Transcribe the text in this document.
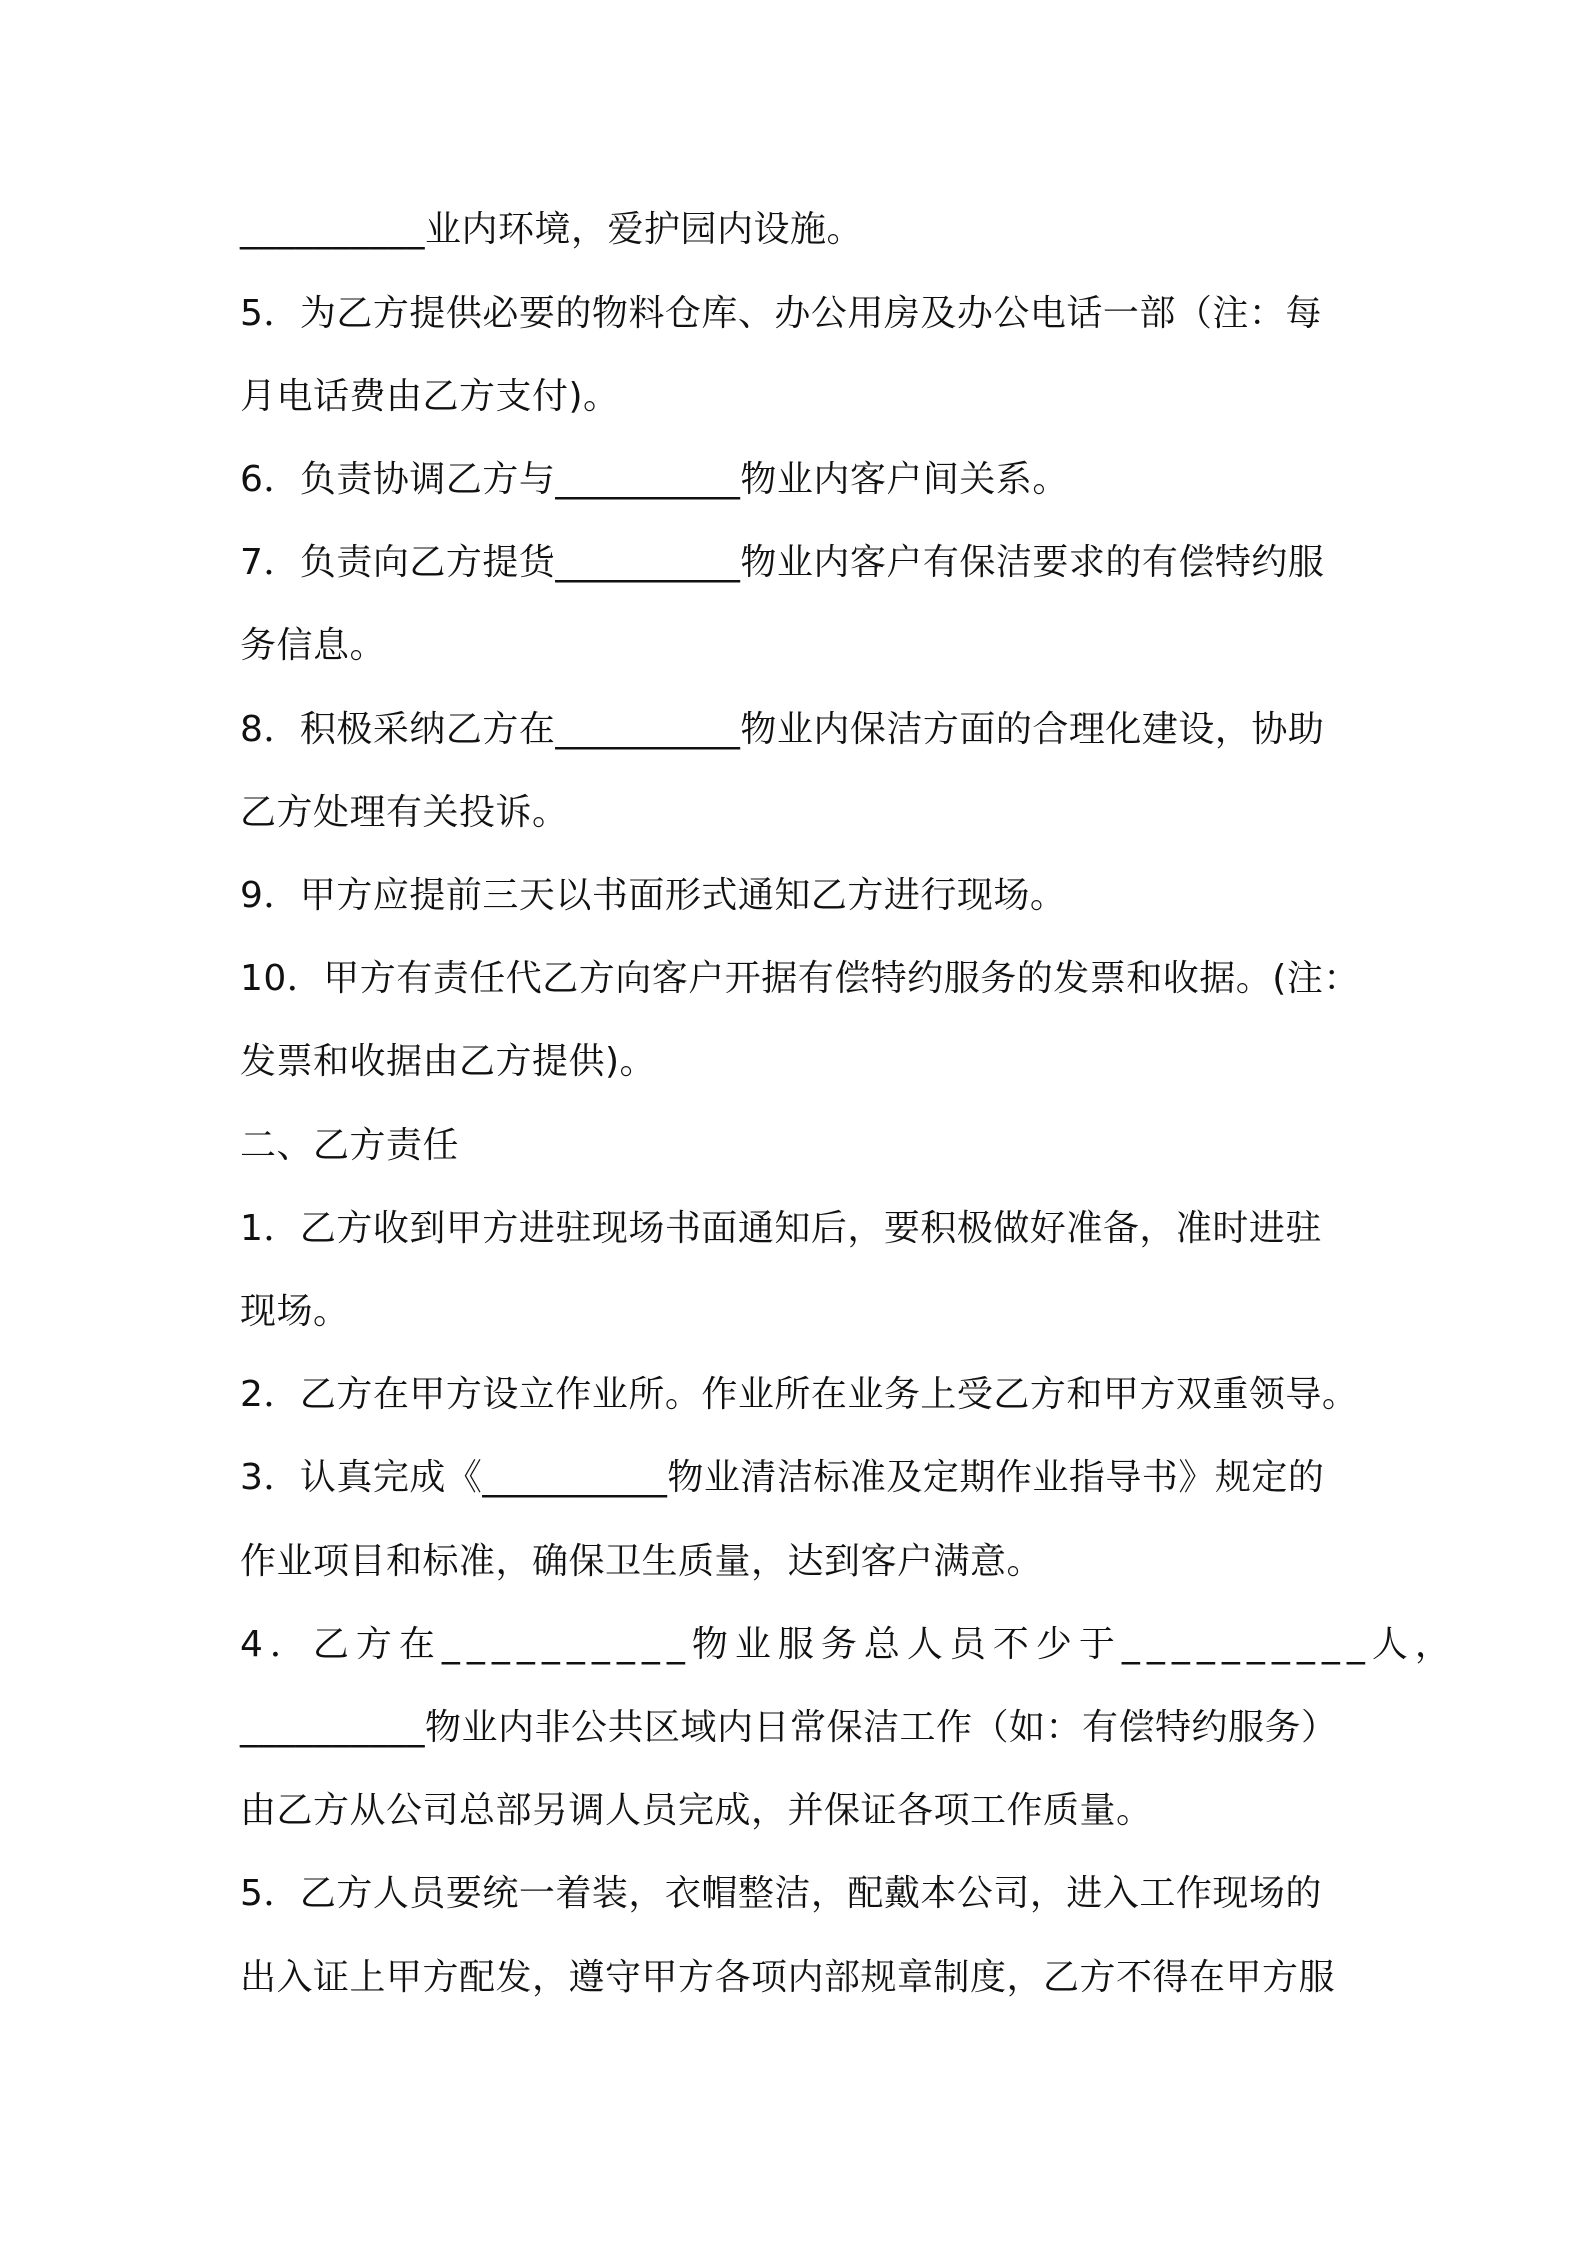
__________业内环境，爱护园内设施。
5．为乙方提供必要的物料仓库、办公用房及办公电话一部（注：每
月电话费由乙方支付)。
6．负责协调乙方与__________物业内客户间关系。
7．负责向乙方提货__________物业内客户有保洁要求的有偿特约服
务信息。
8．积极采纳乙方在__________物业内保洁方面的合理化建设，协助
乙方处理有关投诉。
9．甲方应提前三天以书面形式通知乙方进行现场。
10．甲方有责任代乙方向客户开据有偿特约服务的发票和收据。(注：
发票和收据由乙方提供)。
二、乙方责任
1．乙方收到甲方进驻现场书面通知后，要积极做好准备，准时进驻
现场。
2．乙方在甲方设立作业所。作业所在业务上受乙方和甲方双重领导。
3．认真完成《__________物业清洁标准及定期作业指导书》规定的
作业项目和标准，确保卫生质量，达到客户满意。
4．乙方在__________物业服务总人员不少于__________人，
__________物业内非公共区域内日常保洁工作（如：有偿特约服务）
由乙方从公司总部另调人员完成，并保证各项工作质量。
5．乙方人员要统一着装，衣帽整洁，配戴本公司，进入工作现场的
出入证上甲方配发，遵守甲方各项内部规章制度，乙方不得在甲方服
